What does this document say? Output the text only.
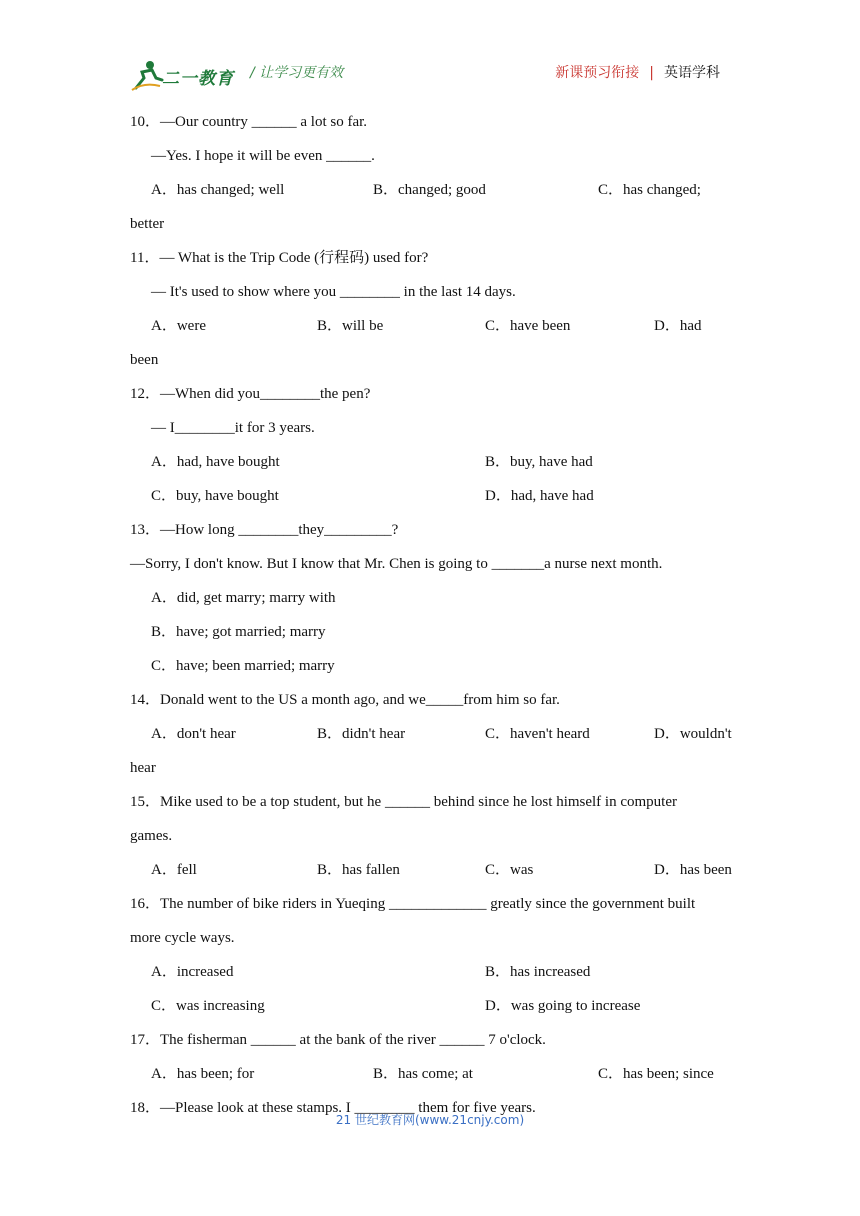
二一教育 / 让学习更有效	新课预习衔接 | 英语学科
10．—Our country ______ a lot so far.
—Yes. I hope it will be even ______.
A．has changed; well	B．changed; good	C．has changed;
better
11．— What is the Trip Code (行程码) used for?
— It's used to show where you ________ in the last 14 days.
A．were	B．will be	C．have been	D．had
been
12．—When did you________the pen?
— I________it for 3 years.
A．had, have bought	B．buy, have had
C．buy, have bought	D．had, have had
13．—How long ________they_________?
—Sorry, I don't know. But I know that Mr. Chen is going to _______a nurse next month.
A．did, get marry; marry with
B．have; got married; marry
C．have; been married; marry
14．Donald went to the US a month ago, and we_____from him so far.
A．don't hear	B．didn't hear	C．haven't heard	D．wouldn't
hear
15．Mike used to be a top student, but he ______ behind since he lost himself in computer
games.
A．fell	B．has fallen	C．was	D．has been
16．The number of bike riders in Yueqing _____________ greatly since the government built
more cycle ways.
A．increased	B．has increased
C．was increasing	D．was going to increase
17．The fisherman ______ at the bank of the river ______ 7 o'clock.
A．has been; for	B．has come; at	C．has been; since
18．—Please look at these stamps. I ________ them for five years.
21 世纪教育网(www.21cnjy.com)
